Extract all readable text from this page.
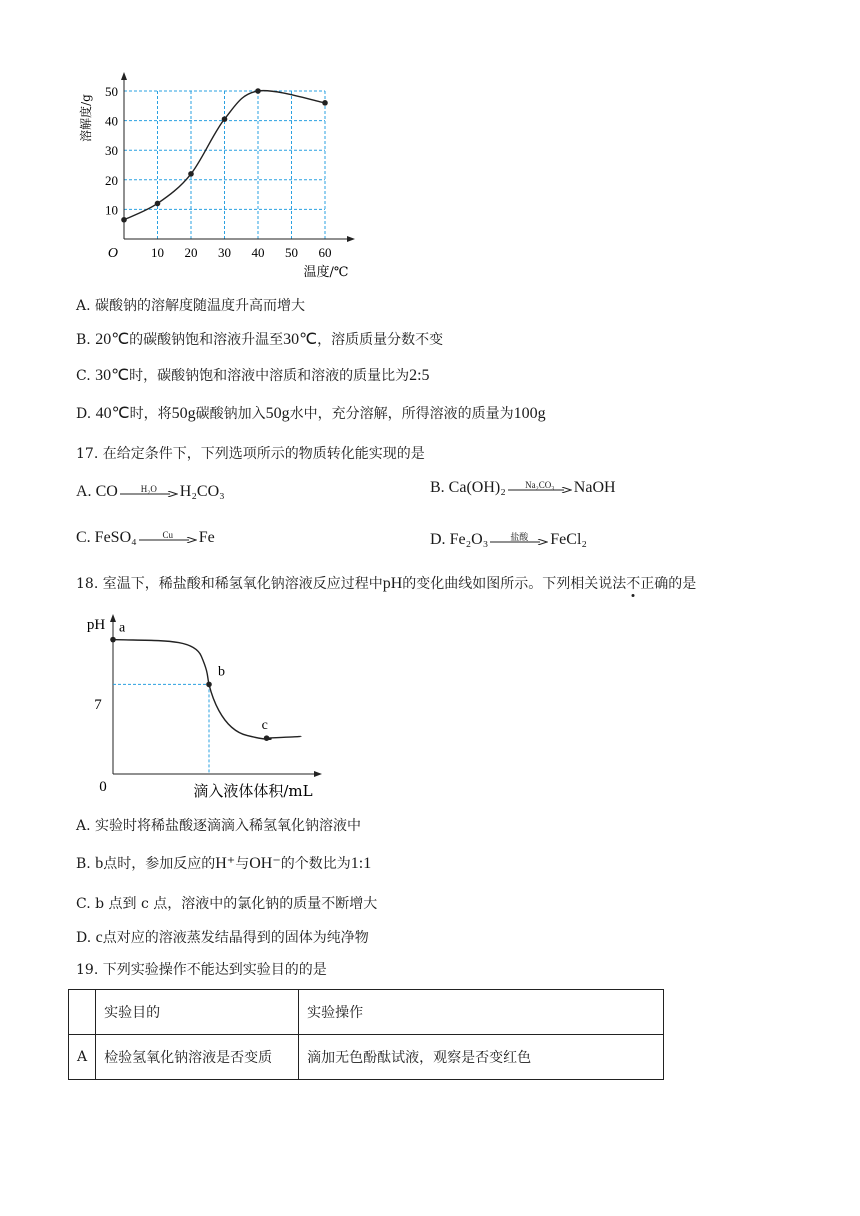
10 20 30 40 50 60
10
20
30
40
50
O
温度/℃
溶解度/g
A. 碳酸钠的溶解度随温度升高而增大
B. 20℃的碳酸钠饱和溶液升温至30℃，溶质质量分数不变
C. 30℃时，碳酸钠饱和溶液中溶质和溶液的质量比为2:5
D. 40℃时，将50g碳酸钠加入50g水中，充分溶解，所得溶液的质量为100g
17. 在给定条件下，下列选项所示的物质转化能实现的是
A. CO	H₂O	H₂CO₃	B. Ca(OH)₂	Na₂CO₃	NaOH
C. FeSO₄	Cu	Fe	D. Fe₂O₃	盐酸	FeCl₂
18. 室温下，稀盐酸和稀氢氧化钠溶液反应过程中pH的变化曲线如图所示。下列相关说法不正确的是
a
b
c
7
0
pH
滴入液体体积/mL
A. 实验时将稀盐酸逐滴滴入稀氢氧化钠溶液中
B. b点时，参加反应的H⁺与OH⁻的个数比为1:1
C. b 点到 c 点，溶液中的氯化钠的质量不断增大
D. c点对应的溶液蒸发结晶得到的固体为纯净物
19. 下列实验操作不能达到实验目的的是
	实验目的	实验操作
A	检验氢氧化钠溶液是否变质	滴加无色酚酞试液，观察是否变红色
